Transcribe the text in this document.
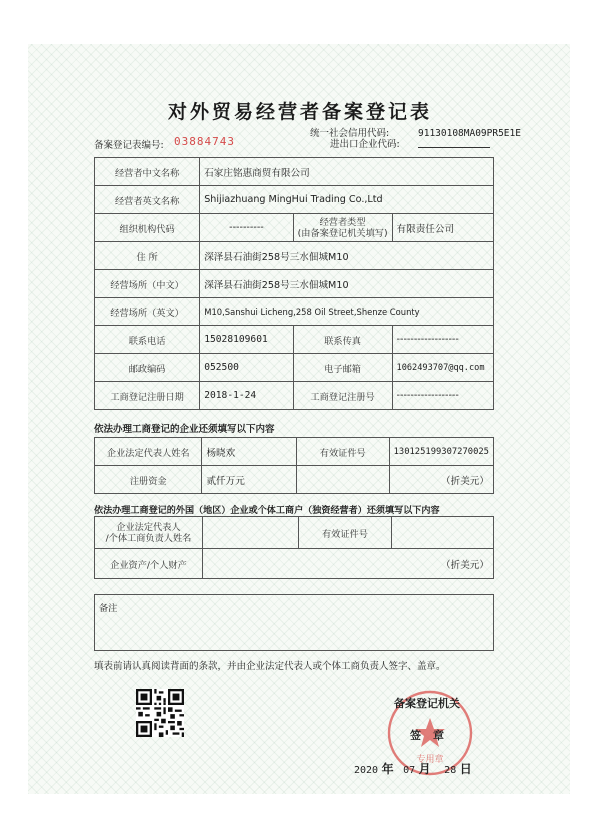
对外贸易经营者备案登记表
备案登记表编号: 03884743
统一社会信用代码:
进出口企业代码:
91130108MA09PR5E1E
经营者中文名称	石家庄铭惠商贸有限公司		
经营者英文名称	Shijiazhuang MingHui Trading Co.,Ltd		
组织机构代码	----------	经营者类型
(由备案登记机关填写)	有限责任公司
住 所	深泽县石油街258号三水佃城M10		
经营场所（中文）	深泽县石油街258号三水佃城M10		
经营场所（英文）	M10,Sanshui Licheng,258 Oil Street,Shenze County		
联系电话	15028109601	联系传真	------------------
邮政编码	052500	电子邮箱	1062493707@qq.com
工商登记注册日期	2018-1-24	工商登记注册号	------------------
依法办理工商登记的企业还须填写以下内容
企业法定代表人姓名	杨晓欢	有效证件号	130125199307270025
注册资金	贰仟万元		（折美元）
依法办理工商登记的外国（地区）企业或个体工商户（独资经营者）还须填写以下内容
企业法定代表人
/个体工商负责人姓名		有效证件号	
企业资产/个人财产	（折美元）		
备注
填表前请认真阅读背面的条款，并由企业法定代表人或个体工商负责人签字、盖章。
专用章
备案登记机关
签章
2020 年 07 月 28 日
